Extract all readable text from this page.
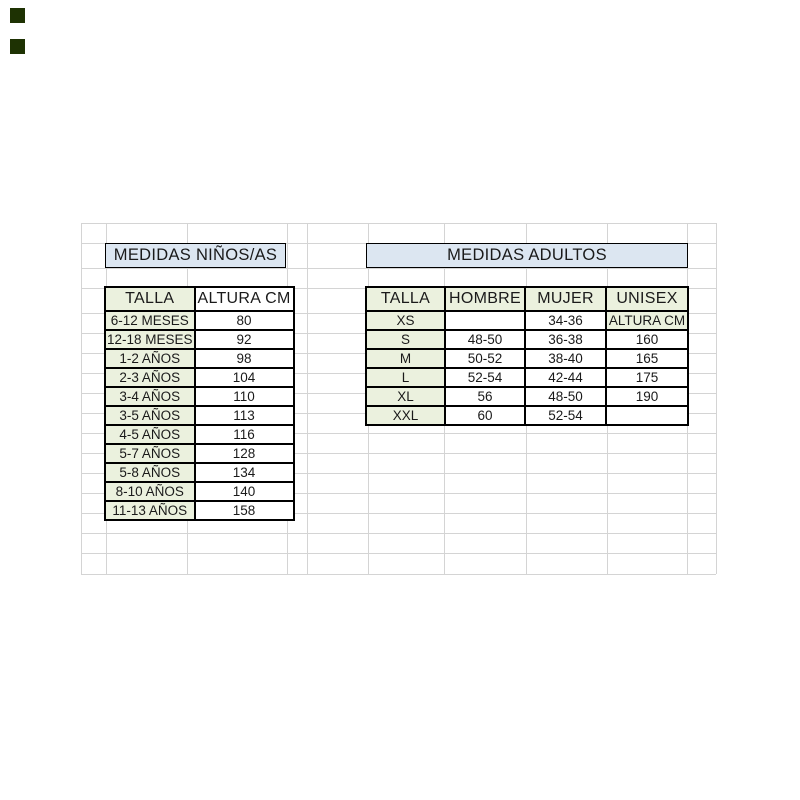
MEDIDAS NIÑOS/AS	MEDIDAS ADULTOS
TALLA	ALTURA CM
6-12 MESES	80
12-18 MESES	92
1-2 AÑOS	98
2-3 AÑOS	104
3-4 AÑOS	110
3-5 AÑOS	113
4-5 AÑOS	116
5-7 AÑOS	128
5-8 AÑOS	134
8-10 AÑOS	140
11-13 AÑOS	158
TALLA	HOMBRE	MUJER	UNISEX
XS		34-36	ALTURA CM
S	48-50	36-38	160
M	50-52	38-40	165
L	52-54	42-44	175
XL	56	48-50	190
XXL	60	52-54	
